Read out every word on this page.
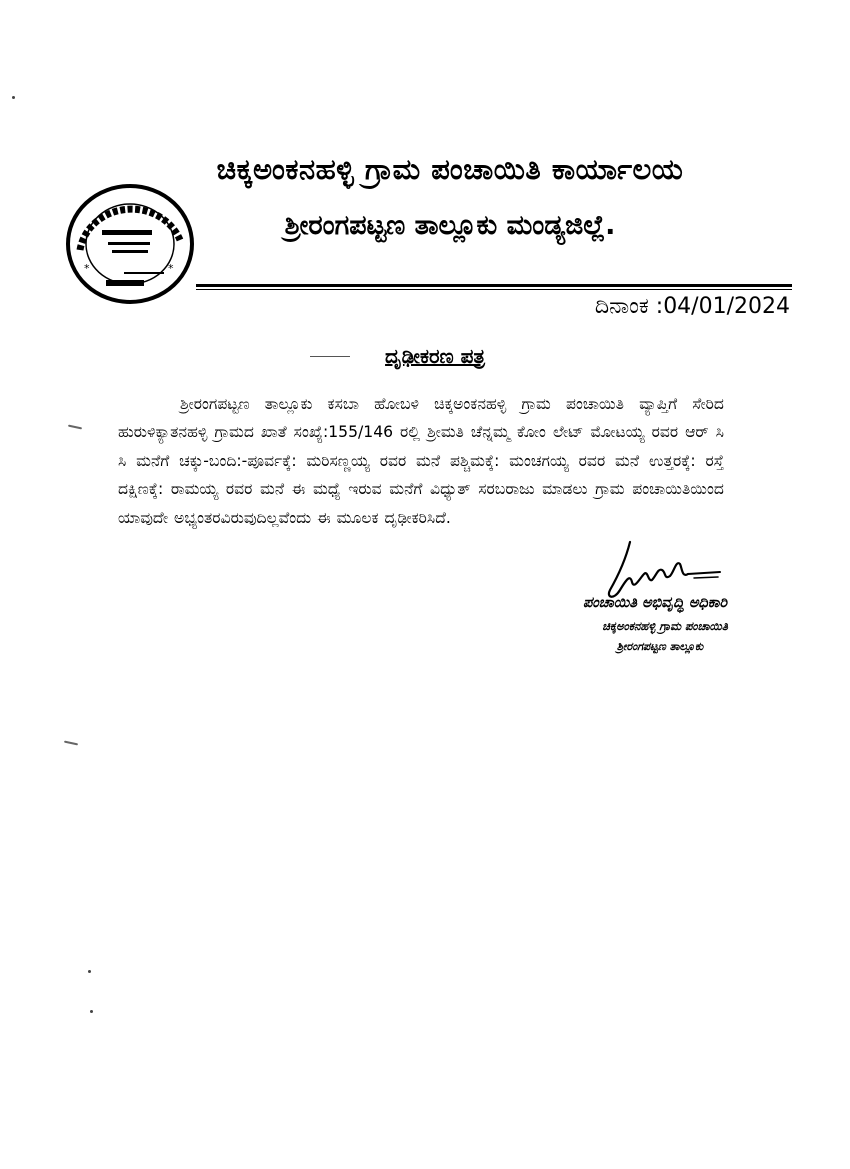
*	*
ಚಿಕ್ಕಅಂಕನಹಳ್ಳಿ ಗ್ರಾಮ ಪಂಚಾಯಿತಿ ಕಾರ್ಯಾಲಯ
ಶ್ರೀರಂಗಪಟ್ಟಣ ತಾಲ್ಲೂಕು ಮಂಡ್ಯಜಿಲ್ಲೆ.
ದಿನಾಂಕ :04/01/2024
ದೃಢೀಕರಣ ಪತ್ರ

ಶ್ರೀರಂಗಪಟ್ಟಣ ತಾಲ್ಲೂಕು ಕಸಬಾ ಹೋಬಳಿ ಚಿಕ್ಕಅಂಕನಹಳ್ಳಿ ಗ್ರಾಮ ಪಂಚಾಯಿತಿ ವ್ಯಾಪ್ತಿಗೆ ಸೇರಿದ ಹುರುಳಿಕ್ಯಾತನಹಳ್ಳಿ ಗ್ರಾಮದ ಖಾತೆ ಸಂಖ್ಯೆ:155/146 ರಲ್ಲಿ ಶ್ರೀಮತಿ ಚೆನ್ನಮ್ಮ ಕೋಂ ಲೇಟ್ ಮೋಟಯ್ಯ ರವರ ಆರ್ ಸಿ ಸಿ ಮನೆಗೆ ಚಕ್ಕು-ಬಂದಿ:-ಪೂರ್ವಕ್ಕೆ: ಮರಿಸಣ್ಣಯ್ಯ ರವರ ಮನೆ ಪಶ್ಚಿಮಕ್ಕೆ: ಮಂಚಗಯ್ಯ ರವರ ಮನೆ ಉತ್ತರಕ್ಕೆ: ರಸ್ತೆ ದಕ್ಷಿಣಕ್ಕೆ: ರಾಮಯ್ಯ ರವರ ಮನೆ ಈ ಮಧ್ಯೆ ಇರುವ ಮನೆಗೆ ವಿಧ್ಯುತ್ ಸರಬರಾಜು ಮಾಡಲು ಗ್ರಾಮ ಪಂಚಾಯಿತಿಯಿಂದ ಯಾವುದೇ ಅಭ್ಯಂತರವಿರುವುದಿಲ್ಲವೆಂದು ಈ ಮೂಲಕ ದೃಢೀಕರಿಸಿದೆ.

ಪಂಚಾಯಿತಿ ಅಭಿವೃದ್ಧಿ ಅಧಿಕಾರಿ
ಚಿಕ್ಕಅಂಕನಹಳ್ಳಿ ಗ್ರಾಮ ಪಂಚಾಯಿತಿ
ಶ್ರೀರಂಗಪಟ್ಟಣ ತಾಲ್ಲೂಕು
